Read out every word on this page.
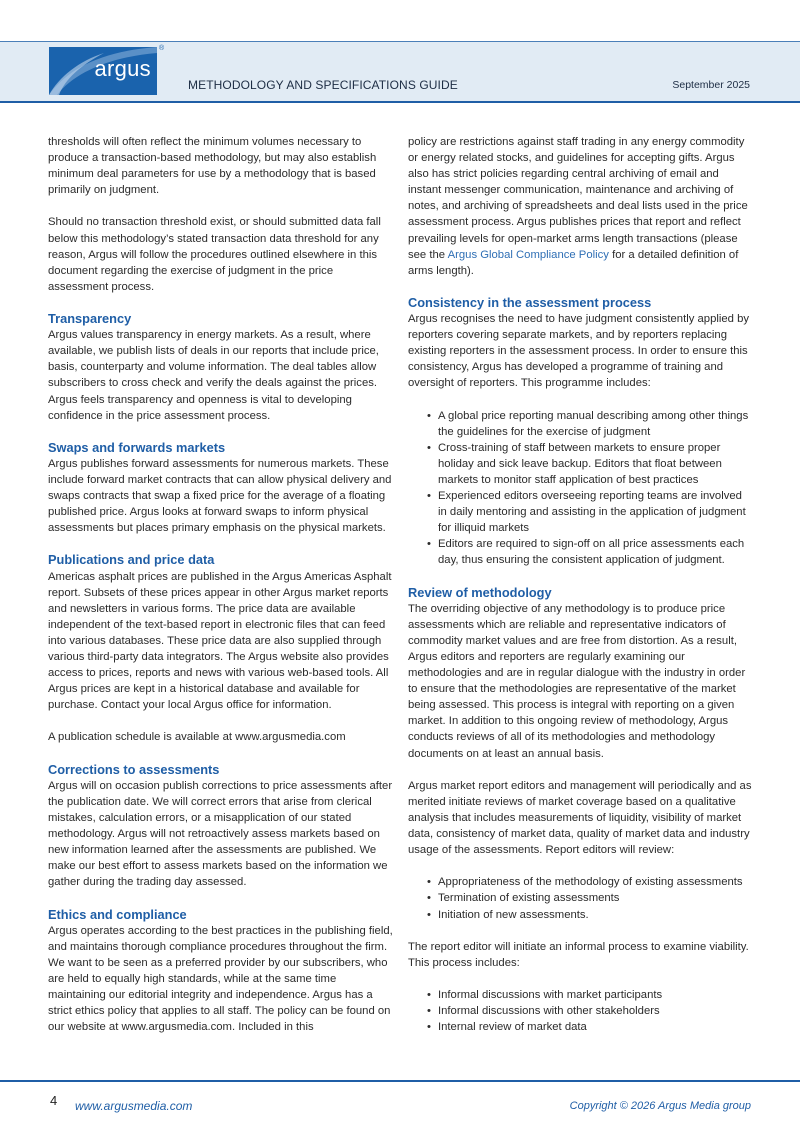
argus
®
METHODOLOGY AND SPECIFICATIONS GUIDE	September 2025

thresholds will often reflect the minimum volumes necessary to produce a transaction-based methodology, but may also establish minimum deal parameters for use by a methodology that is based primarily on judgment.

Should no transaction threshold exist, or should submitted data fall below this methodology’s stated transaction data threshold for any reason, Argus will follow the procedures outlined elsewhere in this document regarding the exercise of judgment in the price assessment process.

Transparency

Argus values transparency in energy markets. As a result, where available, we publish lists of deals in our reports that include price, basis, counterparty and volume information. The deal tables allow subscribers to cross check and verify the deals against the prices. Argus feels transparency and openness is vital to developing confidence in the price assessment process.

Swaps and forwards markets

Argus publishes forward assessments for numerous markets. These include forward market contracts that can allow physical delivery and swaps contracts that swap a fixed price for the average of a floating published price. Argus looks at forward swaps to inform physical assessments but places primary emphasis on the physical markets.

Publications and price data

Americas asphalt prices are published in the Argus Americas Asphalt report. Subsets of these prices appear in other Argus market reports and newsletters in various forms. The price data are available independent of the text-based report in electronic files that can feed into various databases. These price data are also supplied through various third-party data integrators. The Argus website also provides access to prices, reports and news with various web-based tools. All Argus prices are kept in a historical database and available for purchase. Contact your local Argus office for information.

A publication schedule is available at www.argusmedia.com

Corrections to assessments

Argus will on occasion publish corrections to price assessments after the publication date. We will correct errors that arise from clerical mistakes, calculation errors, or a misapplication of our stated methodology. Argus will not retroactively assess markets based on new information learned after the assessments are published. We make our best effort to assess markets based on the information we gather during the trading day assessed.

Ethics and compliance

Argus operates according to the best practices in the publishing field, and maintains thorough compliance procedures throughout the firm. We want to be seen as a preferred provider by our subscribers, who are held to equally high standards, while at the same time maintaining our editorial integrity and independence. Argus has a strict ethics policy that applies to all staff. The policy can be found on our website at www.argusmedia.com. Included in this

policy are restrictions against staff trading in any energy commodity or energy related stocks, and guidelines for accepting gifts. Argus also has strict policies regarding central archiving of email and instant messenger communication, maintenance and archiving of notes, and archiving of spreadsheets and deal lists used in the price assessment process. Argus publishes prices that report and reflect prevailing levels for open-market arms length transactions (please see the Argus Global Compliance Policy for a detailed definition of arms length).

Consistency in the assessment process

Argus recognises the need to have judgment consistently applied by reporters covering separate markets, and by reporters replacing existing reporters in the assessment process. In order to ensure this consistency, Argus has developed a programme of training and oversight of reporters. This programme includes:

• A global price reporting manual describing among other things the guidelines for the exercise of judgment
• Cross-training of staff between markets to ensure proper holiday and sick leave backup. Editors that float between markets to monitor staff application of best practices
• Experienced editors overseeing reporting teams are involved in daily mentoring and assisting in the application of judgment for illiquid markets
• Editors are required to sign-off on all price assessments each day, thus ensuring the consistent application of judgment.
Review of methodology

The overriding objective of any methodology is to produce price assessments which are reliable and representative indicators of commodity market values and are free from distortion. As a result, Argus editors and reporters are regularly examining our methodologies and are in regular dialogue with the industry in order to ensure that the methodologies are representative of the market being assessed. This process is integral with reporting on a given market. In addition to this ongoing review of methodology, Argus conducts reviews of all of its methodologies and methodology documents on at least an annual basis.

Argus market report editors and management will periodically and as merited initiate reviews of market coverage based on a qualitative analysis that includes measurements of liquidity, visibility of market data, consistency of market data, quality of market data and industry usage of the assessments. Report editors will review:

• Appropriateness of the methodology of existing assessments
• Termination of existing assessments
• Initiation of new assessments.

The report editor will initiate an informal process to examine viability. This process includes:

• Informal discussions with market participants
• Informal discussions with other stakeholders
• Internal review of market data
4 www.argusmedia.com	Copyright © 2026 Argus Media group
